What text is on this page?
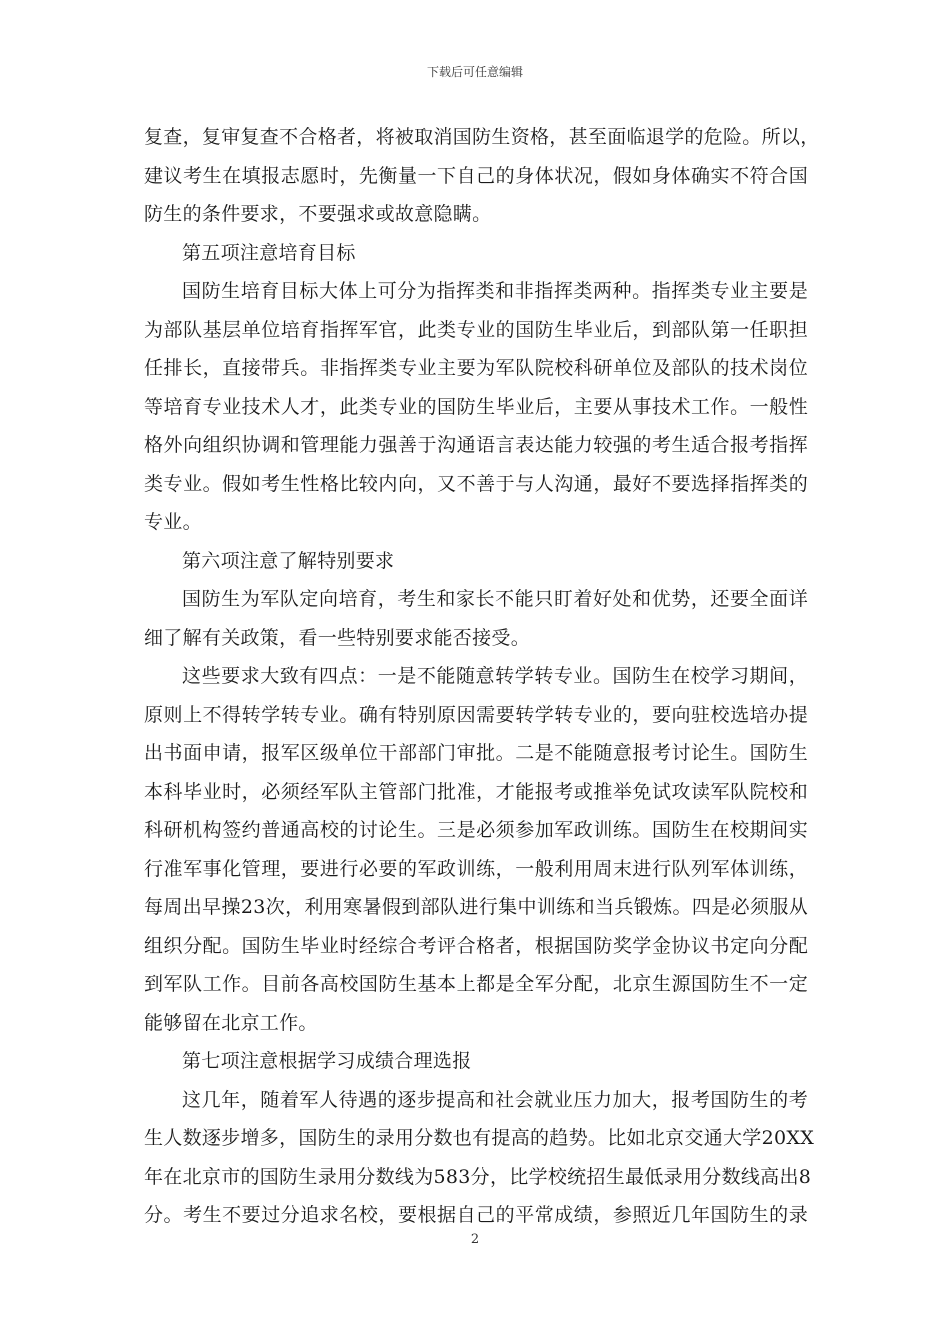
下载后可任意编辑
复查，复审复查不合格者，将被取消国防生资格，甚至面临退学的危险。所以，
建议考生在填报志愿时，先衡量一下自己的身体状况，假如身体确实不符合国
防生的条件要求，不要强求或故意隐瞒。
第五项注意培育目标
国防生培育目标大体上可分为指挥类和非指挥类两种。指挥类专业主要是
为部队基层单位培育指挥军官，此类专业的国防生毕业后，到部队第一任职担
任排长，直接带兵。非指挥类专业主要为军队院校科研单位及部队的技术岗位
等培育专业技术人才，此类专业的国防生毕业后，主要从事技术工作。一般性
格外向组织协调和管理能力强善于沟通语言表达能力较强的考生适合报考指挥
类专业。假如考生性格比较内向，又不善于与人沟通，最好不要选择指挥类的
专业。
第六项注意了解特别要求
国防生为军队定向培育，考生和家长不能只盯着好处和优势，还要全面详
细了解有关政策，看一些特别要求能否接受。
这些要求大致有四点：一是不能随意转学转专业。国防生在校学习期间，
原则上不得转学转专业。确有特别原因需要转学转专业的，要向驻校选培办提
出书面申请，报军区级单位干部部门审批。二是不能随意报考讨论生。国防生
本科毕业时，必须经军队主管部门批准，才能报考或推举免试攻读军队院校和
科研机构签约普通高校的讨论生。三是必须参加军政训练。国防生在校期间实
行准军事化管理，要进行必要的军政训练，一般利用周末进行队列军体训练，
每周出早操23次，利用寒暑假到部队进行集中训练和当兵锻炼。四是必须服从
组织分配。国防生毕业时经综合考评合格者，根据国防奖学金协议书定向分配
到军队工作。目前各高校国防生基本上都是全军分配，北京生源国防生不一定
能够留在北京工作。
第七项注意根据学习成绩合理选报
这几年，随着军人待遇的逐步提高和社会就业压力加大，报考国防生的考
生人数逐步增多，国防生的录用分数也有提高的趋势。比如北京交通大学20XX
年在北京市的国防生录用分数线为583分，比学校统招生最低录用分数线高出8
分。考生不要过分追求名校，要根据自己的平常成绩，参照近几年国防生的录
2
